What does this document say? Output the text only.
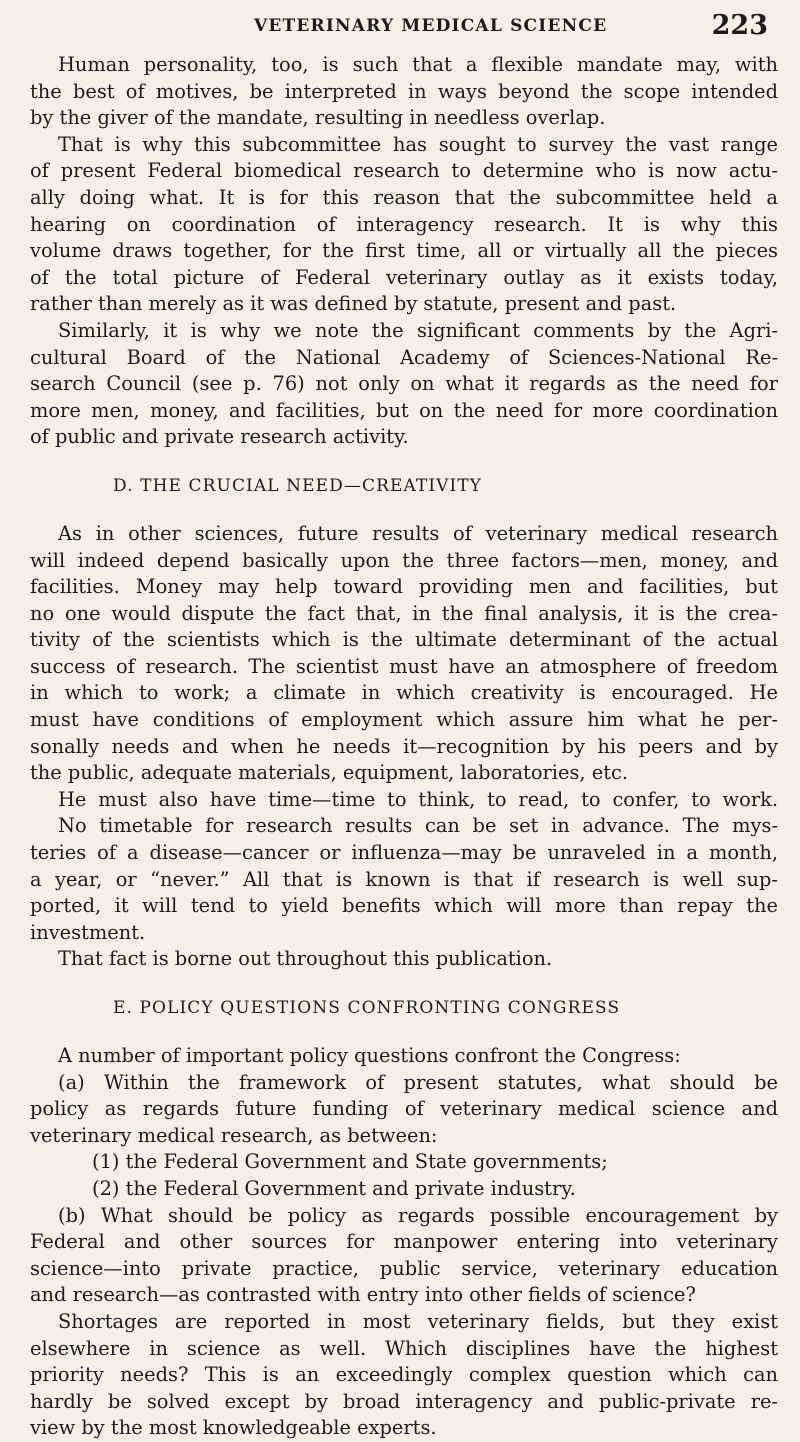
VETERINARY MEDICAL SCIENCE	223
Human personality, too, is such that a flexible mandate may, with
the best of motives, be interpreted in ways beyond the scope intended
by the giver of the mandate, resulting in needless overlap.
That is why this subcommittee has sought to survey the vast range
of present Federal biomedical research to determine who is now actu-
ally doing what. It is for this reason that the subcommittee held a
hearing on coordination of interagency research. It is why this
volume draws together, for the first time, all or virtually all the pieces
of the total picture of Federal veterinary outlay as it exists today,
rather than merely as it was defined by statute, present and past.
Similarly, it is why we note the significant comments by the Agri-
cultural Board of the National Academy of Sciences-National Re-
search Council (see p. 76) not only on what it regards as the need for
more men, money, and facilities, but on the need for more coordination
of public and private research activity.
D. THE CRUCIAL NEED—CREATIVITY
As in other sciences, future results of veterinary medical research
will indeed depend basically upon the three factors—men, money, and
facilities. Money may help toward providing men and facilities, but
no one would dispute the fact that, in the final analysis, it is the crea-
tivity of the scientists which is the ultimate determinant of the actual
success of research. The scientist must have an atmosphere of freedom
in which to work; a climate in which creativity is encouraged. He
must have conditions of employment which assure him what he per-
sonally needs and when he needs it—recognition by his peers and by
the public, adequate materials, equipment, laboratories, etc.
He must also have time—time to think, to read, to confer, to work.
No timetable for research results can be set in advance. The mys-
teries of a disease—cancer or influenza—may be unraveled in a month,
a year, or “never.” All that is known is that if research is well sup-
ported, it will tend to yield benefits which will more than repay the
investment.
That fact is borne out throughout this publication.
E. POLICY QUESTIONS CONFRONTING CONGRESS
A number of important policy questions confront the Congress:
(a) Within the framework of present statutes, what should be
policy as regards future funding of veterinary medical science and
veterinary medical research, as between:
(1) the Federal Government and State governments;
(2) the Federal Government and private industry.
(b) What should be policy as regards possible encouragement by
Federal and other sources for manpower entering into veterinary
science—into private practice, public service, veterinary education
and research—as contrasted with entry into other fields of science?
Shortages are reported in most veterinary fields, but they exist
elsewhere in science as well. Which disciplines have the highest
priority needs? This is an exceedingly complex question which can
hardly be solved except by broad interagency and public-private re-
view by the most knowledgeable experts.
